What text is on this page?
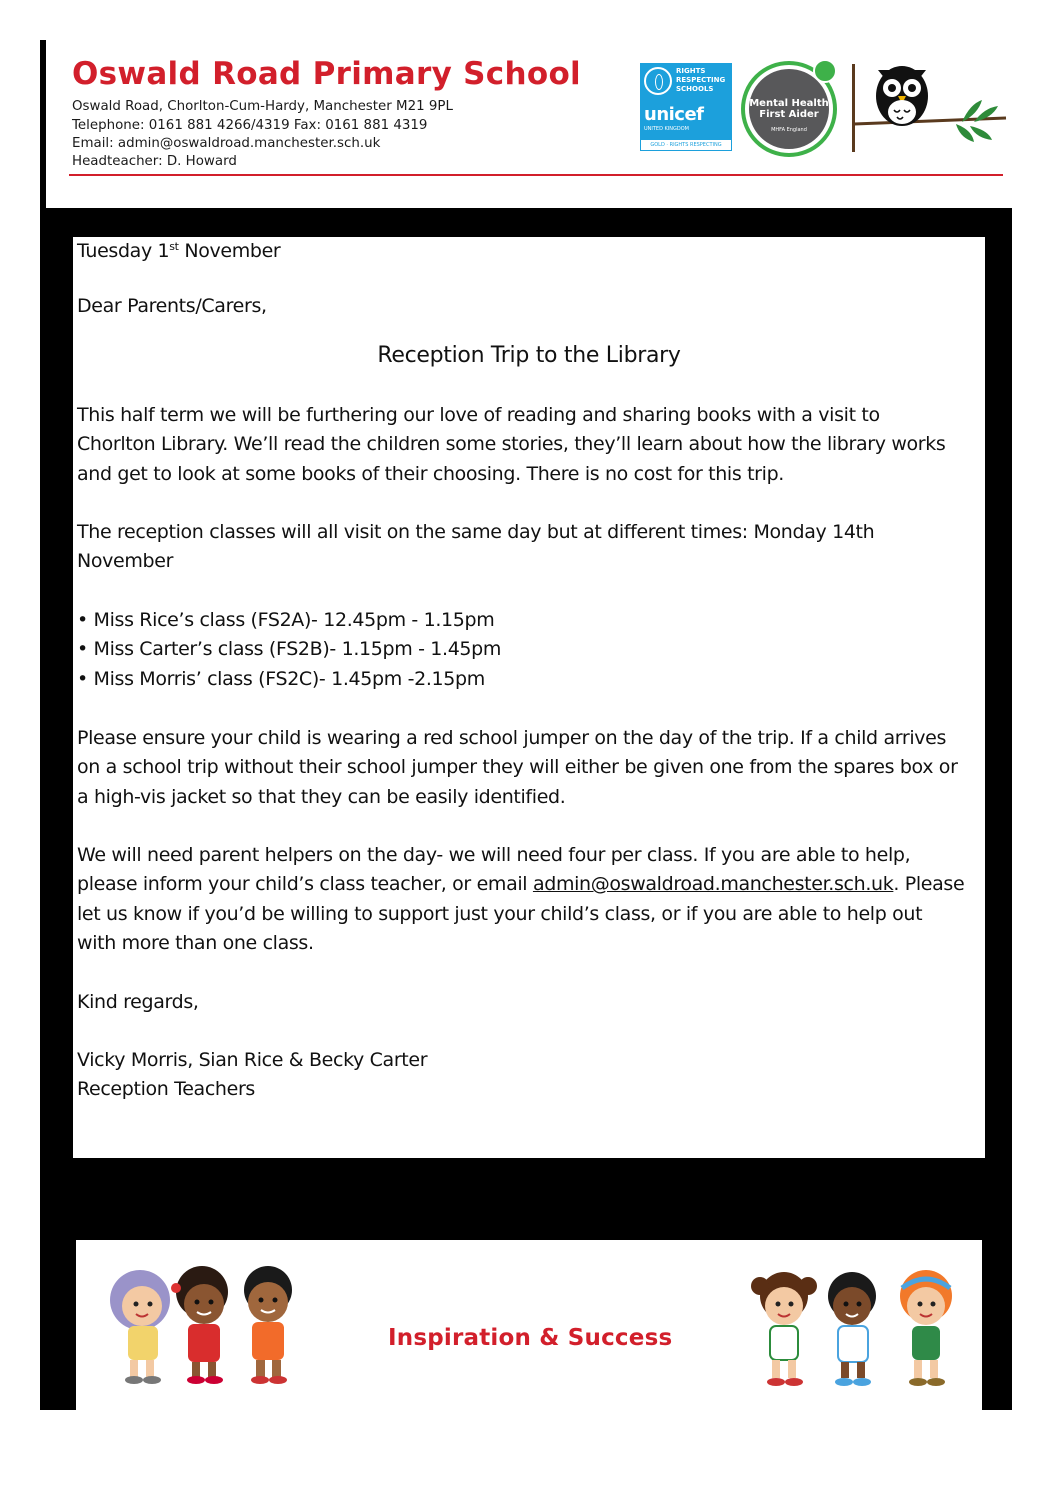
Oswald Road Primary School
Oswald Road, Chorlton-Cum-Hardy, Manchester M21 9PL
Telephone: 0161 881 4266/4319 Fax: 0161 881 4319
Email: admin@oswaldroad.manchester.sch.uk
Headteacher: D. Howard
RIGHTS RESPECTING SCHOOLS
unicef
UNITED KINGDOM
GOLD · RIGHTS RESPECTING
Mental Health First Aider
MHFA England
Tuesday 1st November
Dear Parents/Carers,
Reception Trip to the Library
This half term we will be furthering our love of reading and sharing books with a visit to
Chorlton Library. We’ll read the children some stories, they’ll learn about how the library works
and get to look at some books of their choosing. There is no cost for this trip.
The reception classes will all visit on the same day but at different times: Monday 14th
November
• Miss Rice’s class (FS2A)- 12.45pm - 1.15pm
• Miss Carter’s class (FS2B)- 1.15pm - 1.45pm
• Miss Morris’ class (FS2C)- 1.45pm -2.15pm
Please ensure your child is wearing a red school jumper on the day of the trip. If a child arrives
on a school trip without their school jumper they will either be given one from the spares box or
a high-vis jacket so that they can be easily identified.
We will need parent helpers on the day- we will need four per class. If you are able to help,
please inform your child’s class teacher, or email admin@oswaldroad.manchester.sch.uk. Please
let us know if you’d be willing to support just your child’s class, or if you are able to help out
with more than one class.
Kind regards,
Vicky Morris, Sian Rice & Becky Carter
Reception Teachers
Inspiration & Success
